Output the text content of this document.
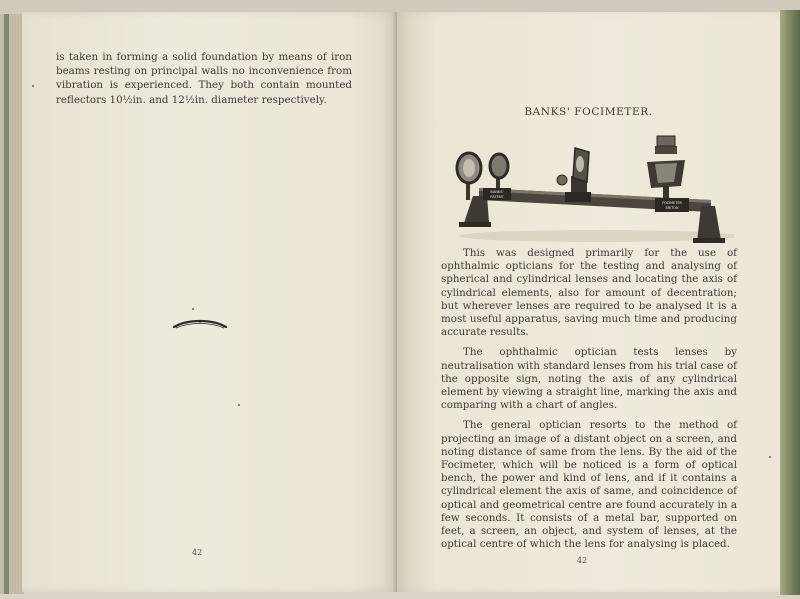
is taken in forming a solid foundation by means of iron beams resting on principal walls no inconvenience from vibration is experienced. They both contain mounted reflectors 10½in. and 12½in. diameter respectively.

42
BANKS' FOCIMETER.
BANKS'
PATENT
FOCIMETER
BRITON

This was designed primarily for the use of ophthalmic opticians for the testing and analysing of spherical and cylindrical lenses and locating the axis of cylindrical elements, also for amount of decentration; but wherever lenses are required to be analysed it is a most useful apparatus, saving much time and producing accurate results.

The ophthalmic optician tests lenses by neutralisation with standard lenses from his trial case of the opposite sign, noting the axis of any cylindrical element by viewing a straight line, marking the axis and comparing with a chart of angles.

The general optician resorts to the method of projecting an image of a distant object on a screen, and noting distance of same from the lens. By the aid of the Focimeter, which will be noticed is a form of optical bench, the power and kind of lens, and if it contains a cylindrical element the axis of same, and coincidence of optical and geometrical centre are found accurately in a few seconds. It consists of a metal bar, supported on feet, a screen, an object, and system of lenses, at the optical centre of which the lens for analysing is placed.

42
